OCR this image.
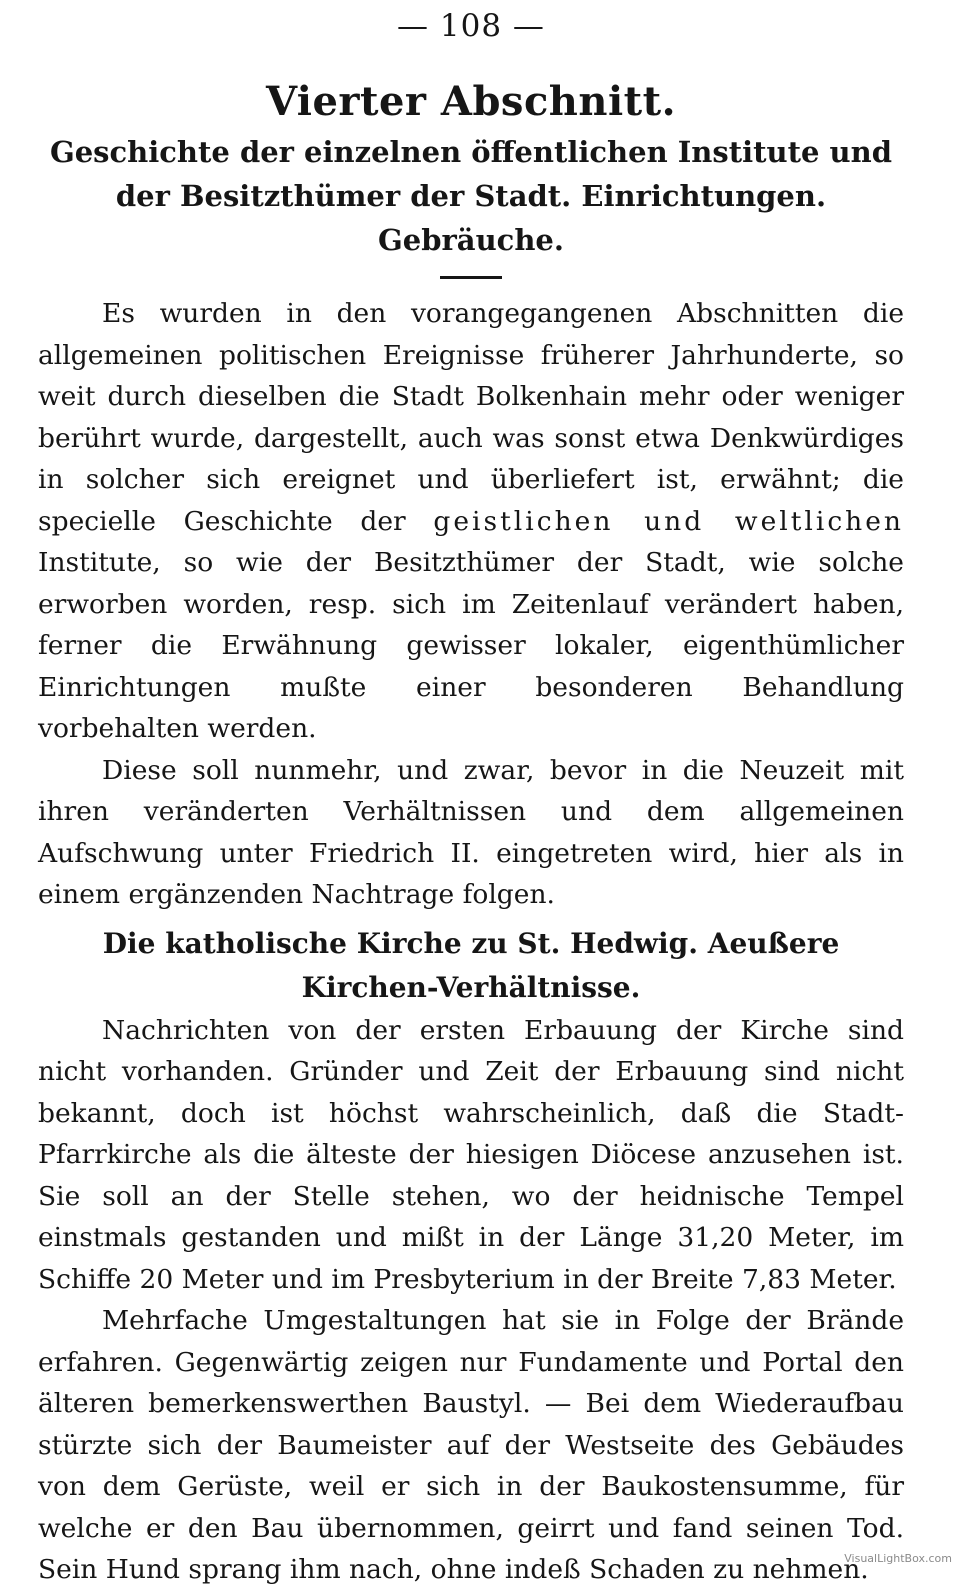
— 108 —
Vierter Abschnitt.
Geschichte der einzelnen öffentlichen Institute und der Besitzthümer der Stadt. Einrichtungen. Gebräuche.

Es wurden in den vorangegangenen Abschnitten die allgemeinen politischen Ereignisse früherer Jahrhunderte, so weit durch dieselben die Stadt Bolkenhain mehr oder weniger berührt wurde, dargestellt, auch was sonst etwa Denkwürdiges in solcher sich ereignet und überliefert ist, erwähnt; die specielle Geschichte der geistlichen und weltlichen Institute, so wie der Besitzthümer der Stadt, wie solche erworben worden, resp. sich im Zeitenlauf verändert haben, ferner die Erwähnung gewisser lokaler, eigenthümlicher Einrichtungen mußte einer besonderen Behandlung vorbehalten werden.

Diese soll nunmehr, und zwar, bevor in die Neuzeit mit ihren veränderten Verhältnissen und dem allgemeinen Aufschwung unter Friedrich II. eingetreten wird, hier als in einem ergänzenden Nachtrage folgen.

Die katholische Kirche zu St. Hedwig. Aeußere Kirchen-Verhältnisse.

Nachrichten von der ersten Erbauung der Kirche sind nicht vorhanden. Gründer und Zeit der Erbauung sind nicht bekannt, doch ist höchst wahrscheinlich, daß die Stadt-Pfarrkirche als die älteste der hiesigen Diöcese anzusehen ist. Sie soll an der Stelle stehen, wo der heidnische Tempel einstmals gestanden und mißt in der Länge 31,20 Meter, im Schiffe 20 Meter und im Presbyterium in der Breite 7,83 Meter.

Mehrfache Umgestaltungen hat sie in Folge der Brände erfahren. Gegenwärtig zeigen nur Fundamente und Portal den älteren bemerkenswerthen Baustyl. — Bei dem Wiederaufbau stürzte sich der Baumeister auf der Westseite des Gebäudes von dem Gerüste, weil er sich in der Baukostensumme, für welche er den Bau übernommen, geirrt und fand seinen Tod. Sein Hund sprang ihm nach, ohne indeß Schaden zu nehmen.

VisualLightBox.com
